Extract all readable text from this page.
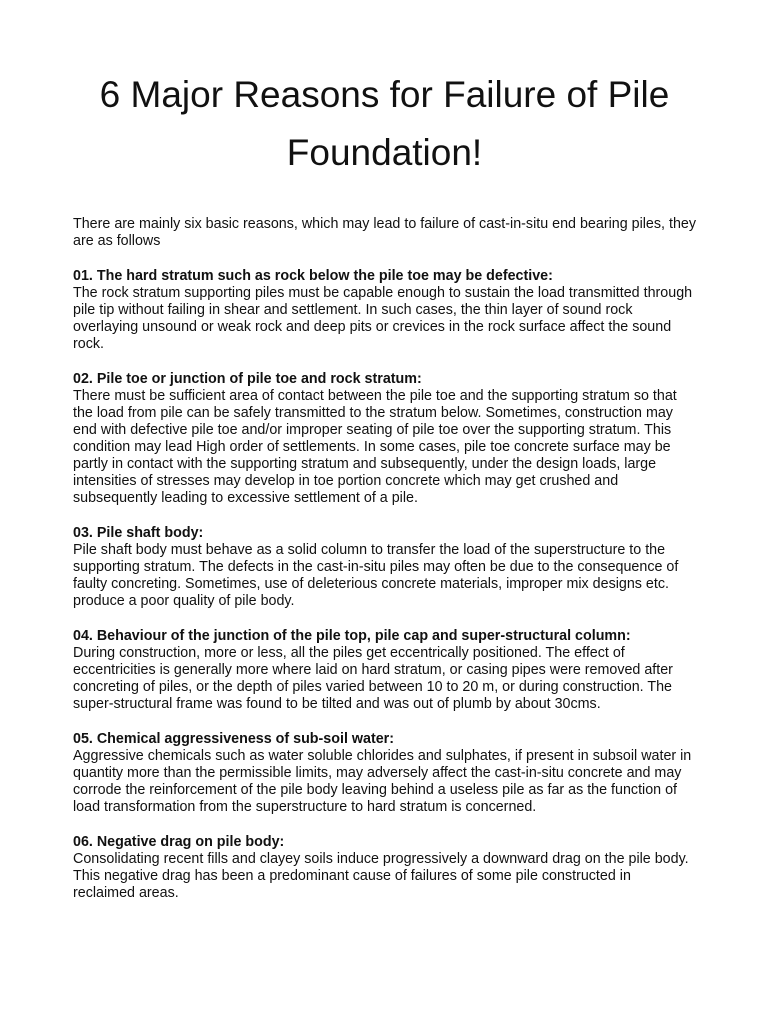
6 Major Reasons for Failure of Pile Foundation!

There are mainly six basic reasons, which may lead to failure of cast-in-situ end bearing piles, they are as follows

01. The hard stratum such as rock below the pile toe may be defective:

The rock stratum supporting piles must be capable enough to sustain the load transmitted through pile tip without failing in shear and settlement. In such cases, the thin layer of sound rock overlaying unsound or weak rock and deep pits or crevices in the rock surface affect the sound rock.

02. Pile toe or junction of pile toe and rock stratum:

There must be sufficient area of contact between the pile toe and the supporting stratum so that the load from pile can be safely transmitted to the stratum below. Sometimes, construction may end with defective pile toe and/or improper seating of pile toe over the supporting stratum. This condition may lead High order of settlements. In some cases, pile toe concrete surface may be partly in contact with the supporting stratum and subsequently, under the design loads, large intensities of stresses may develop in toe portion concrete which may get crushed and subsequently leading to excessive settlement of a pile.

03. Pile shaft body:

Pile shaft body must behave as a solid column to transfer the load of the superstructure to the supporting stratum. The defects in the cast-in-situ piles may often be due to the consequence of faulty concreting. Sometimes, use of deleterious concrete materials, improper mix designs etc. produce a poor quality of pile body.

04. Behaviour of the junction of the pile top, pile cap and super-structural column:

During construction, more or less, all the piles get eccentrically positioned. The effect of eccentricities is generally more where laid on hard stratum, or casing pipes were removed after concreting of piles, or the depth of piles varied between 10 to 20 m, or during construction. The super-structural frame was found to be tilted and was out of plumb by about 30cms.

05. Chemical aggressiveness of sub-soil water:

Aggressive chemicals such as water soluble chlorides and sulphates, if present in subsoil water in quantity more than the permissible limits, may adversely affect the cast-in-situ concrete and may corrode the reinforcement of the pile body leaving behind a useless pile as far as the function of load transformation from the superstructure to hard stratum is concerned.

06. Negative drag on pile body:

Consolidating recent fills and clayey soils induce progressively a downward drag on the pile body. This negative drag has been a predominant cause of failures of some pile constructed in reclaimed areas.
